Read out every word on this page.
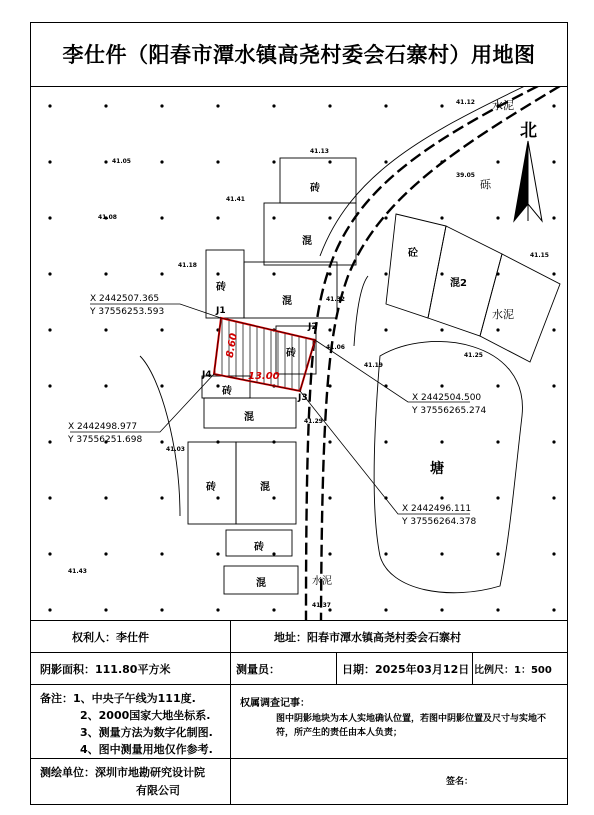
李仕件（阳春市潭水镇高尧村委会石寨村）用地图
北
水泥
砾
水泥
水泥
砖
混
砖
混
砖
砖
混
砖	混
砖
混
砼
混2
塘
J1
J2
J3
J4	13.00
8.60
X 2442507.365
Y 37556253.593
X 2442504.500
Y 37556265.274
X 2442498.977
Y 37556251.698
X 2442496.111
Y 37556264.378
41.12
41.18
41.32
41.41
41.13
41.05
41.08
41.06
41.15
41.25
41.29
41.03
41.43
41.37
41.19
39.05
权利人：李仕件	地址：阳春市潭水镇高尧村委会石寨村
阴影面积：111.80平方米	测量员：	日期：2025年03月12日 比例尺：1：500
备注：1、中央子午线为111度.
2、2000国家大地坐标系.
3、测量方法为数字化制图.
4、图中测量用地仅作参考.
测绘单位：深圳市地勘研究设计院
有限公司
权属调查记事：
图中阴影地块为本人实地确认位置，若图中阴影位置及尺寸与实地不符，所产生的责任由本人负责；
签名：
